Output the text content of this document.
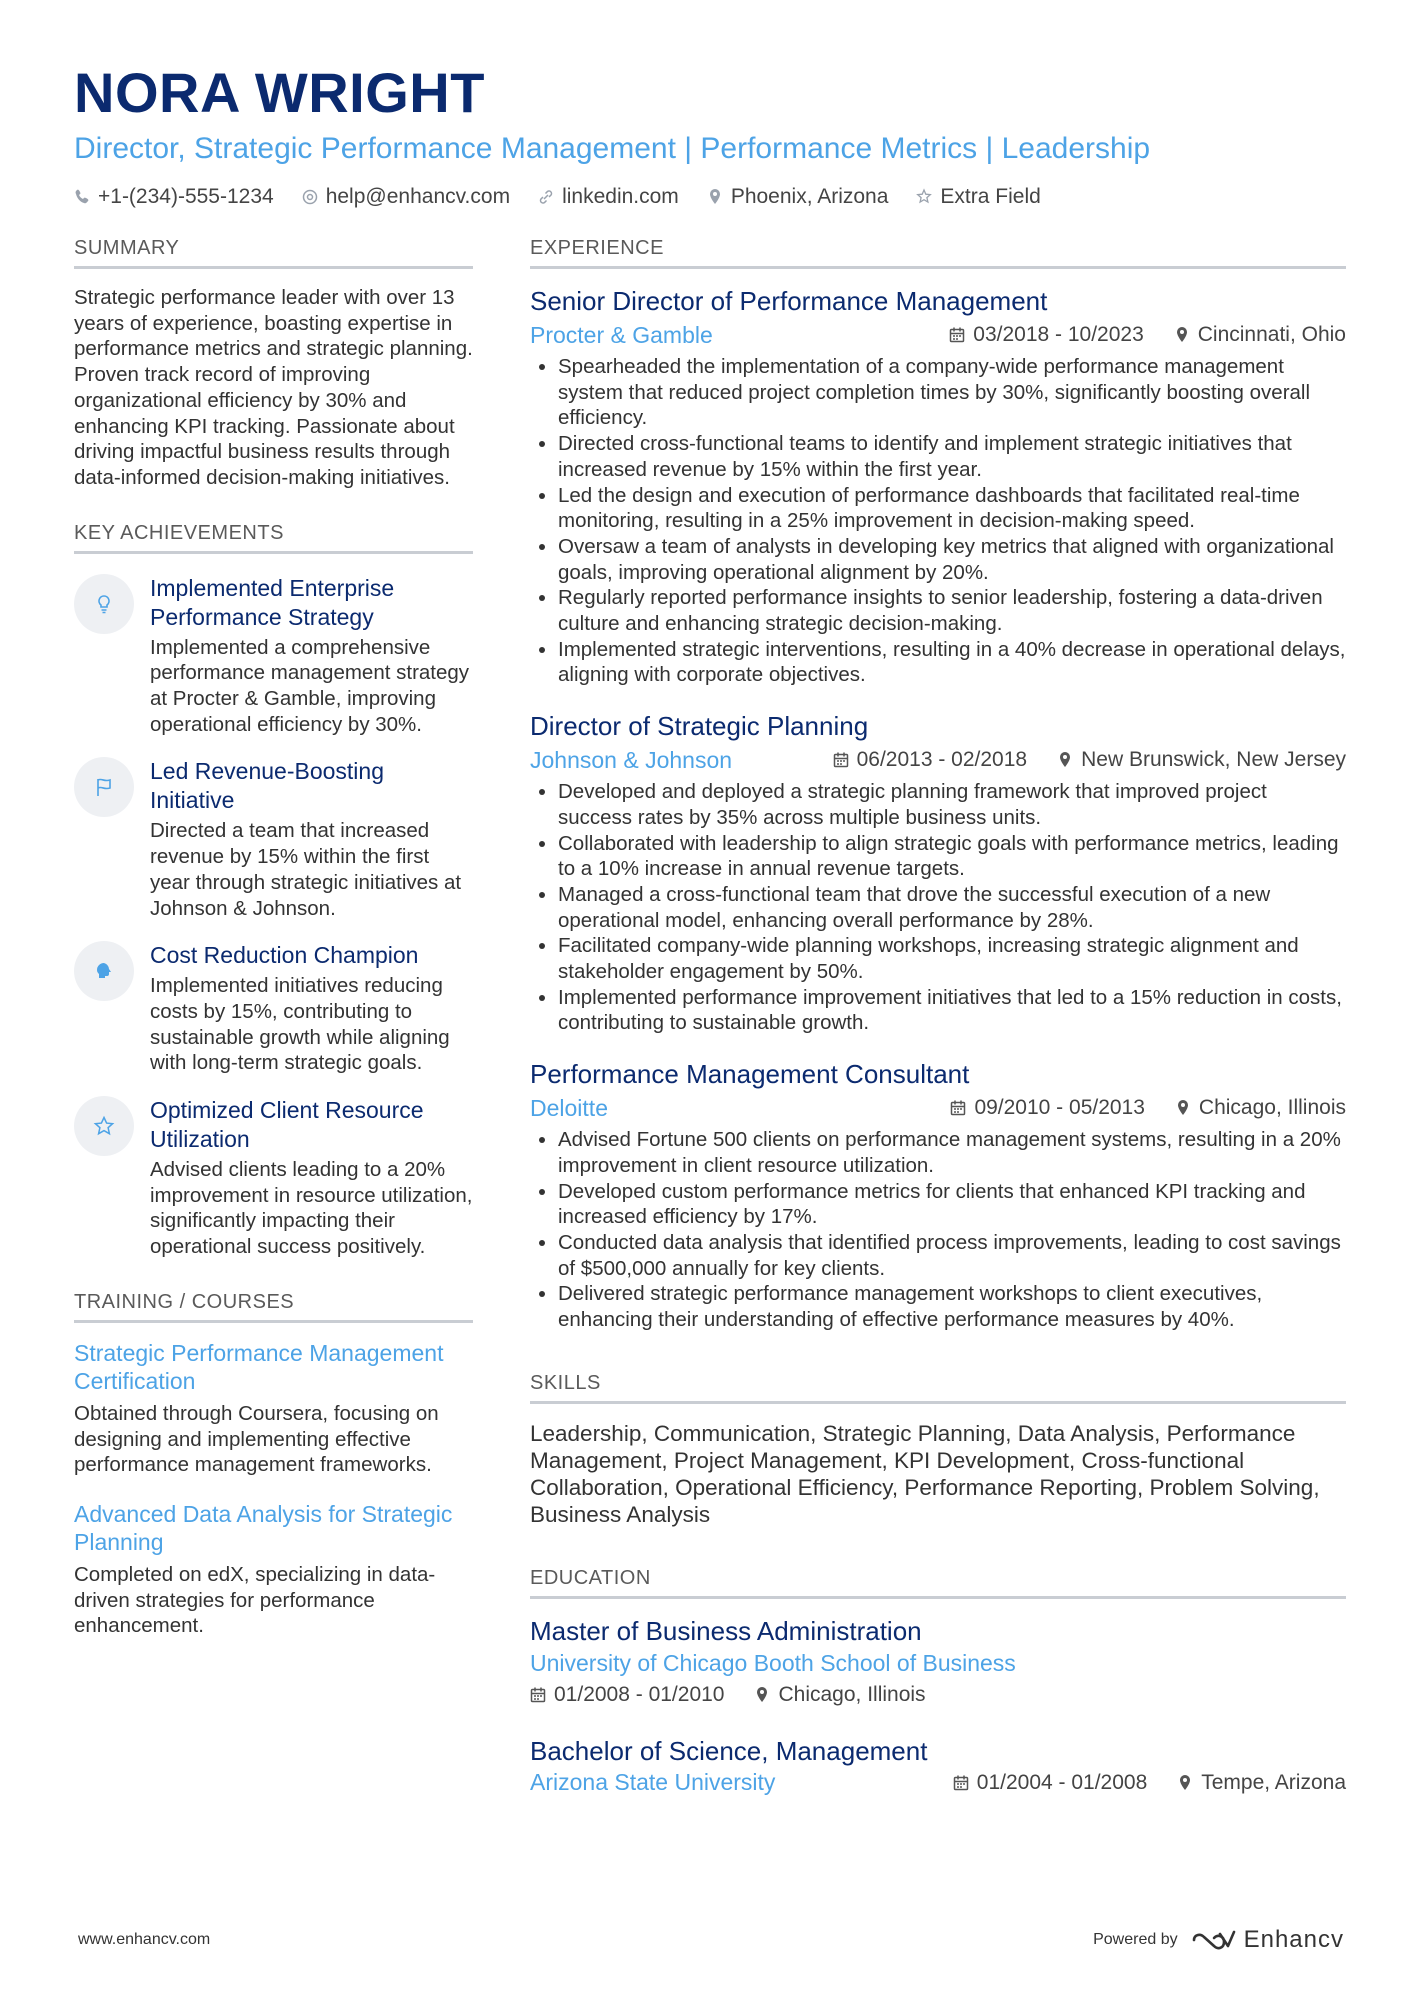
NORA WRIGHT
Director, Strategic Performance Management | Performance Metrics | Leadership
+1-(234)-555-1234 help@enhancv.com linkedin.com Phoenix, Arizona Extra Field
SUMMARY
Strategic performance leader with over 13 years of experience, boasting expertise in performance metrics and strategic planning. Proven track record of improving organizational efficiency by 30% and enhancing KPI tracking. Passionate about driving impactful business results through data-informed decision-making initiatives.
KEY ACHIEVEMENTS
Implemented Enterprise Performance Strategy
Implemented a comprehensive performance management strategy at Procter & Gamble, improving operational efficiency by 30%.
Led Revenue-Boosting Initiative
Directed a team that increased revenue by 15% within the first year through strategic initiatives at Johnson & Johnson.
Cost Reduction Champion
Implemented initiatives reducing costs by 15%, contributing to sustainable growth while aligning with long-term strategic goals.
Optimized Client Resource Utilization
Advised clients leading to a 20% improvement in resource utilization, significantly impacting their operational success positively.
TRAINING / COURSES
Strategic Performance Management Certification
Obtained through Coursera, focusing on designing and implementing effective performance management frameworks.
Advanced Data Analysis for Strategic Planning
Completed on edX, specializing in data-driven strategies for performance enhancement.
EXPERIENCE
Senior Director of Performance Management
Procter & Gamble	03/2018 - 10/2023	Cincinnati, Ohio
• Spearheaded the implementation of a company-wide performance management system that reduced project completion times by 30%, significantly boosting overall efficiency.
• Directed cross-functional teams to identify and implement strategic initiatives that increased revenue by 15% within the first year.
• Led the design and execution of performance dashboards that facilitated real-time monitoring, resulting in a 25% improvement in decision-making speed.
• Oversaw a team of analysts in developing key metrics that aligned with organizational goals, improving operational alignment by 20%.
• Regularly reported performance insights to senior leadership, fostering a data-driven culture and enhancing strategic decision-making.
• Implemented strategic interventions, resulting in a 40% decrease in operational delays, aligning with corporate objectives.
Director of Strategic Planning
Johnson & Johnson	06/2013 - 02/2018	New Brunswick, New Jersey
• Developed and deployed a strategic planning framework that improved project success rates by 35% across multiple business units.
• Collaborated with leadership to align strategic goals with performance metrics, leading to a 10% increase in annual revenue targets.
• Managed a cross-functional team that drove the successful execution of a new operational model, enhancing overall performance by 28%.
• Facilitated company-wide planning workshops, increasing strategic alignment and stakeholder engagement by 50%.
• Implemented performance improvement initiatives that led to a 15% reduction in costs, contributing to sustainable growth.
Performance Management Consultant
Deloitte	09/2010 - 05/2013	Chicago, Illinois
• Advised Fortune 500 clients on performance management systems, resulting in a 20% improvement in client resource utilization.
• Developed custom performance metrics for clients that enhanced KPI tracking and increased efficiency by 17%.
• Conducted data analysis that identified process improvements, leading to cost savings of $500,000 annually for key clients.
• Delivered strategic performance management workshops to client executives, enhancing their understanding of effective performance measures by 40%.
SKILLS
Leadership, Communication, Strategic Planning, Data Analysis, Performance Management, Project Management, KPI Development, Cross-functional Collaboration, Operational Efficiency, Performance Reporting, Problem Solving, Business Analysis
EDUCATION
Master of Business Administration
University of Chicago Booth School of Business
01/2008 - 01/2010	Chicago, Illinois
Bachelor of Science, Management
Arizona State University	01/2004 - 01/2008	Tempe, Arizona
www.enhancv.com	Powered by	Enhancv
